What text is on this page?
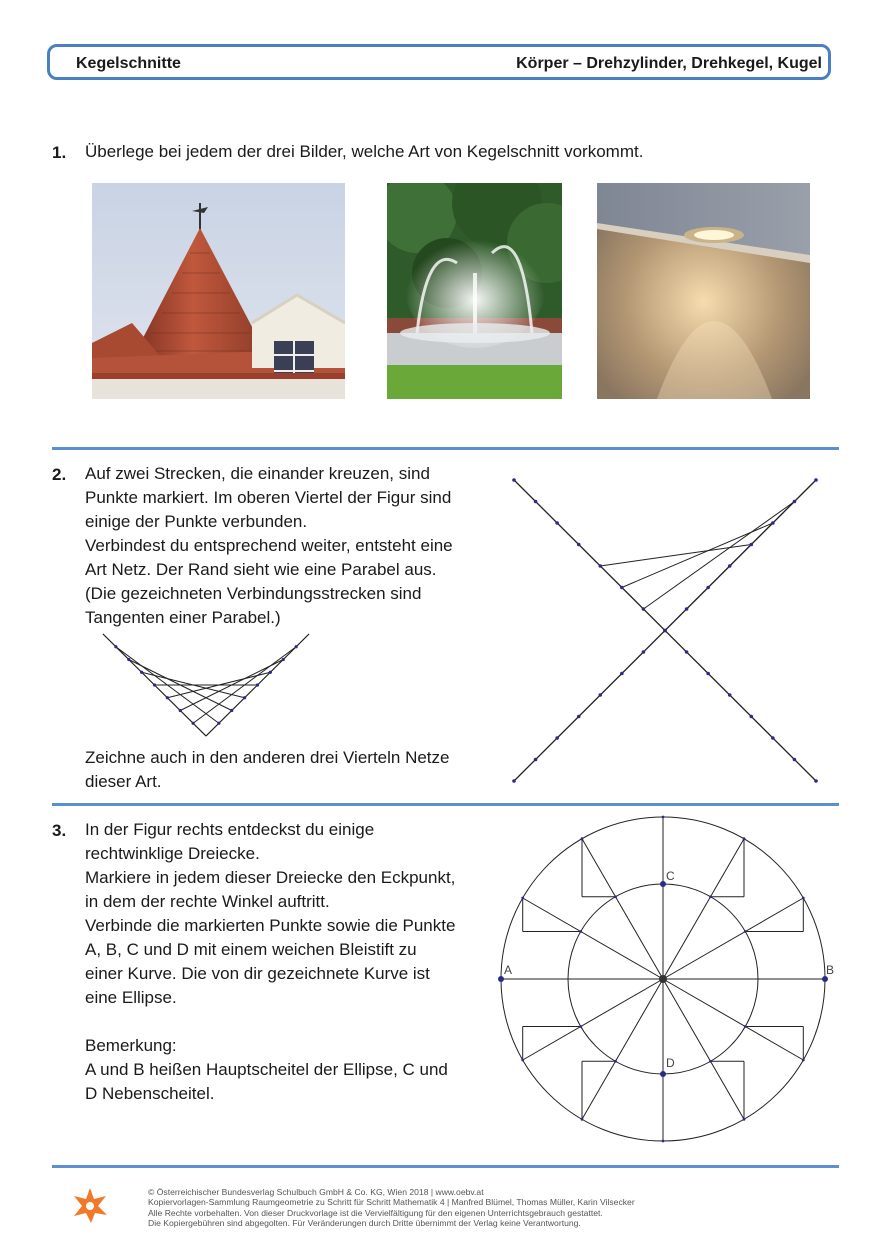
Kegelschnitte	Körper – Drehzylinder, Drehkegel, Kugel
1. Überlege bei jedem der drei Bilder, welche Art von Kegelschnitt vorkommt.
2. Auf zwei Strecken, die einander kreuzen, sind
Punkte markiert. Im oberen Viertel der Figur sind
einige der Punkte verbunden.
Verbindest du entsprechend weiter, entsteht eine
Art Netz. Der Rand sieht wie eine Parabel aus.
(Die gezeichneten Verbindungsstrecken sind
Tangenten einer Parabel.)
Zeichne auch in den anderen drei Vierteln Netze
dieser Art.
3. In der Figur rechts entdeckst du einige
rechtwinklige Dreiecke.
Markiere in jedem dieser Dreiecke den Eckpunkt,
in dem der rechte Winkel auftritt.
Verbinde die markierten Punkte sowie die Punkte
A, B, C und D mit einem weichen Bleistift zu
einer Kurve. Die von dir gezeichnete Kurve ist
eine Ellipse.
Bemerkung:
A und B heißen Hauptscheitel der Ellipse, C und
D Nebenscheitel.
A	B
C
D
© Österreichischer Bundesverlag Schulbuch GmbH & Co. KG, Wien 2018 | www.oebv.at
Kopiervorlagen-Sammlung Raumgeometrie zu Schritt für Schritt Mathematik 4 | Manfred Blümel, Thomas Müller, Karin Vilsecker
Alle Rechte vorbehalten. Von dieser Druckvorlage ist die Vervielfältigung für den eigenen Unterrichtsgebrauch gestattet.
Die Kopiergebühren sind abgegolten. Für Veränderungen durch Dritte übernimmt der Verlag keine Verantwortung.
